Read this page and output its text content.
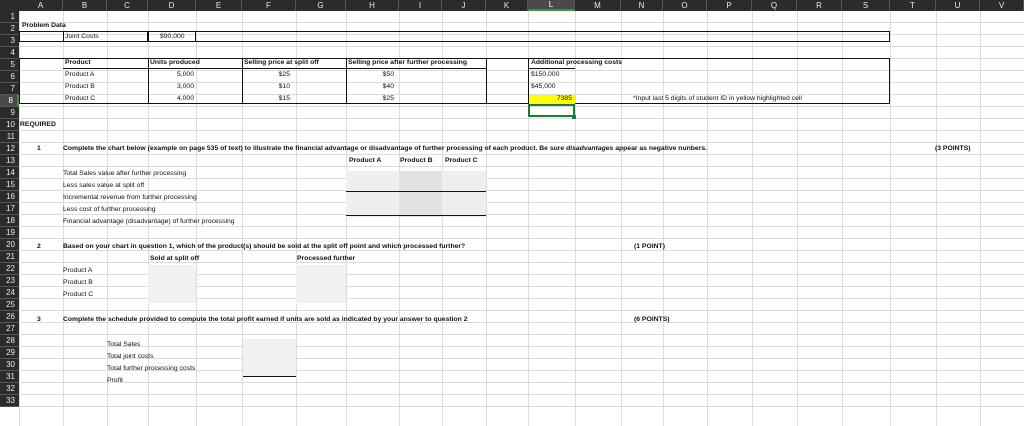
A	B	C	D	E	F	G	H	I	J	K	L	M	N	O	P	Q	R	S	T	U	V
1
2
3
4
5
6
7
8
9
10
11
12
13
14
15
16
17
18
19
20
21
22
23
24
25
26
27
28
29
30
31
32
33
Problem Data
Joint Costs	$90,000
Product	Units produced	Selling price at split off	Selling price after further processing	Additional processing costs
Product A	5,000	$25	$50	$150,000
Product B	3,000	$10	$40	$45,000
Product C	4,000	$15	$25	7385	*Input last 5 digits of student ID in yellow highlighted cell
REQUIRED
1	Complete the chart below (example on page 535 of text) to illustrate the financial advantage or disadvantage of further processing of each product. Be sure disadvantages appear as negative nunbers.	(3 POINTS)
Product A	Product B Product C
Total Sales value after further processing
Less sales value at split off
Incremental revenue from further processing
Less cost of further processing
Financial advantage (disadvantage) of further processing
2	Based on your chart in question 1, which of the product(s) should be sold at the split off point and which processed further?	(1 POINT)
Sold at split off	Processed further
Product A
Product B
Product C
3	Complete the schedule provided to compute the total profit earned if units are sold as indicated by your answer to question 2	(6 POINTS)
Total Sales
Total joint costs
Total further processing costs
Profit
